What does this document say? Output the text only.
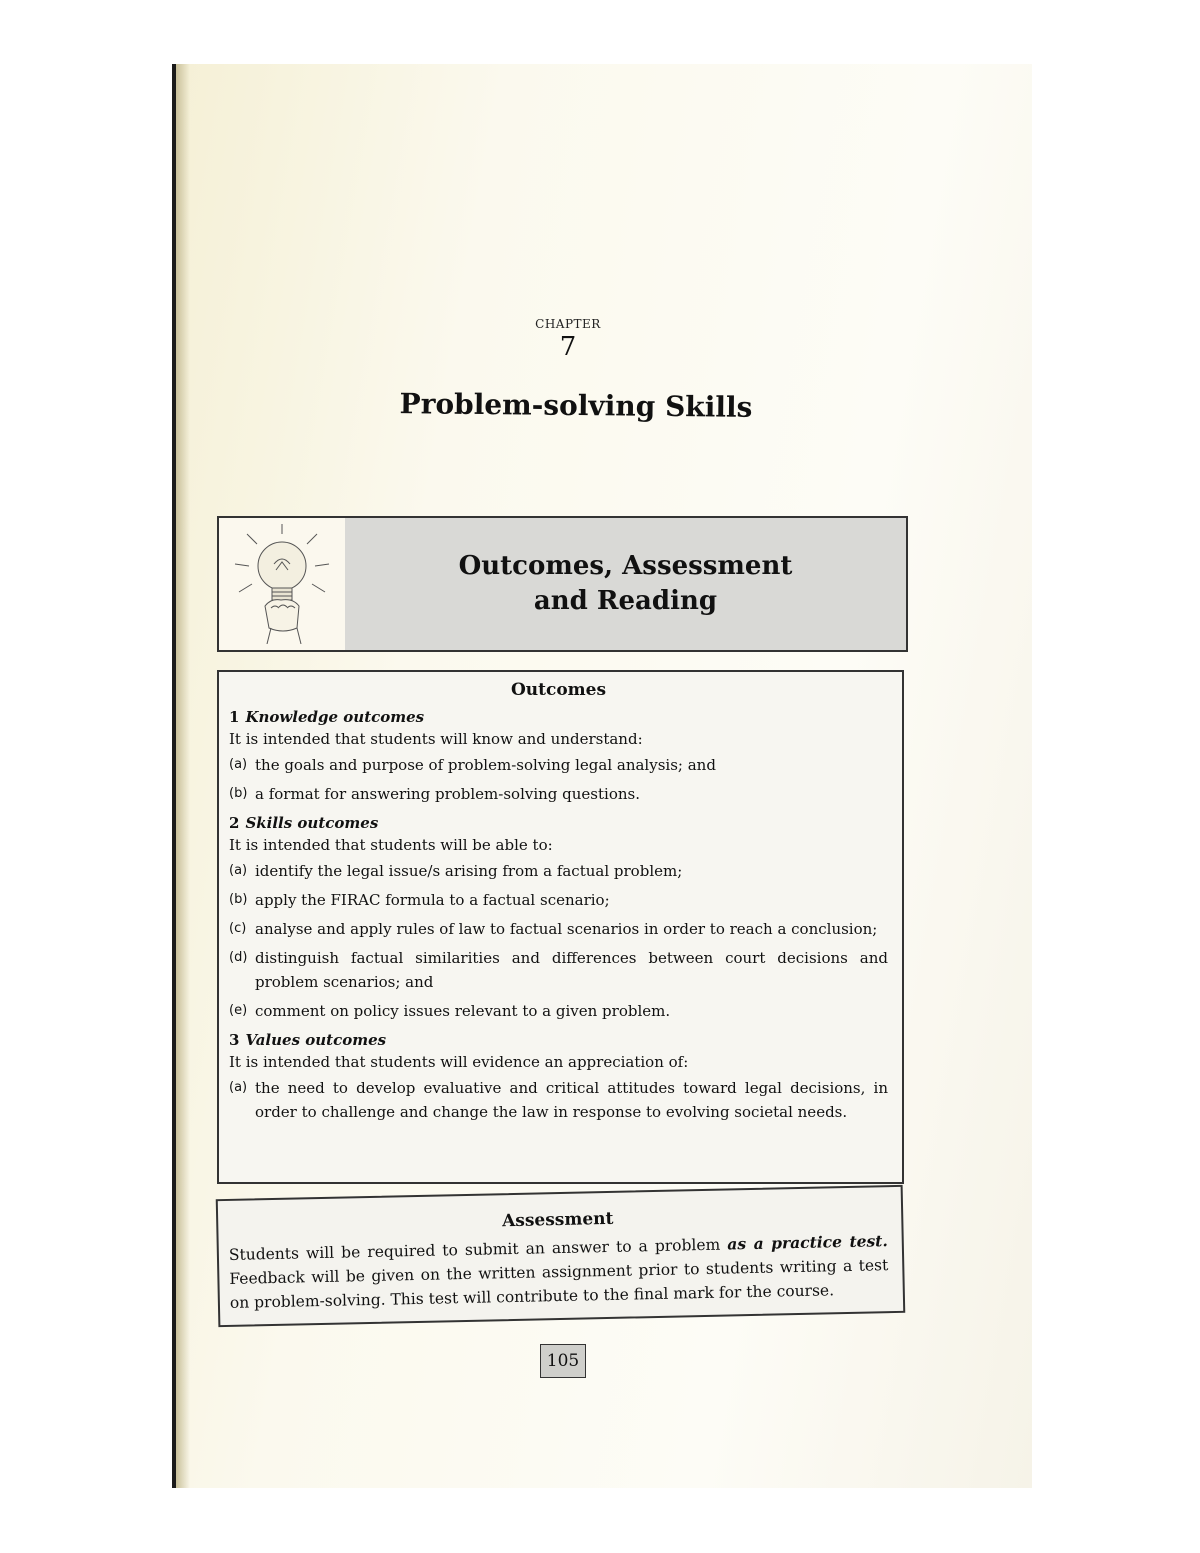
CHAPTER
7
Problem-solving Skills
Outcomes, Assessment
and Reading
Outcomes
1 Knowledge outcomes
It is intended that students will know and understand:
(a) the goals and purpose of problem-solving legal analysis; and
(b) a format for answering problem-solving questions.
2 Skills outcomes
It is intended that students will be able to:
(a) identify the legal issue/s arising from a factual problem;
(b) apply the FIRAC formula to a factual scenario;
(c) analyse and apply rules of law to factual scenarios in order to reach a conclusion;
(d) distinguish factual similarities and differences between court decisions and problem scenarios; and
(e) comment on policy issues relevant to a given problem.
3 Values outcomes
It is intended that students will evidence an appreciation of:
(a) the need to develop evaluative and critical attitudes toward legal decisions, in order to challenge and change the law in response to evolving societal needs.
Assessment

Students will be required to submit an answer to a problem as a practice test. Feedback will be given on the written assignment prior to students writing a test on problem-solving. This test will contribute to the final mark for the course.

105
